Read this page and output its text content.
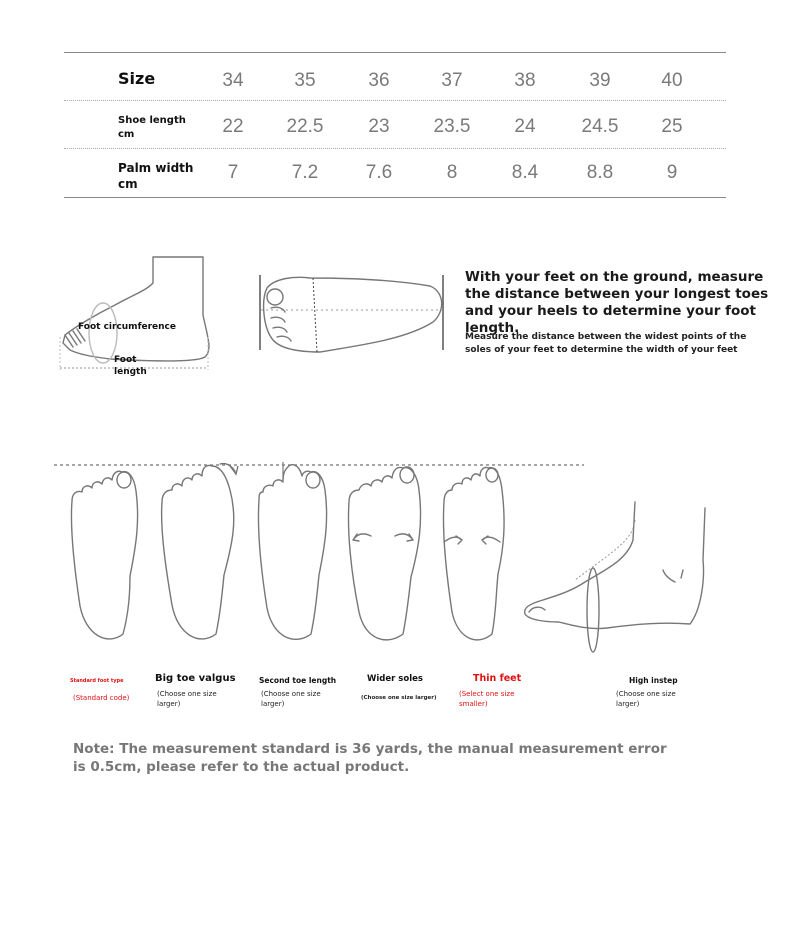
Size	34	35	36	37	38	39	40
Shoe length
cm	22	22.5	23	23.5	24	24.5	25
Palm width
cm
7	7.2	7.6	8	8.4	8.8	9
Foot circumference
Foot
length
With your feet on the ground, measure the distance between your longest toes and your heels to determine your foot length.
Measure the distance between the widest points of the soles of your feet to determine the width of your feet
Standard foot type
(Standard code)
Big toe valgus
(Choose one size larger)
Second toe length
(Choose one size larger)
Wider soles
(Choose one size larger)
Thin feet
(Select one size smaller)
High instep
(Choose one size larger)
Note: The measurement standard is 36 yards, the manual measurement error
is 0.5cm, please refer to the actual product.
